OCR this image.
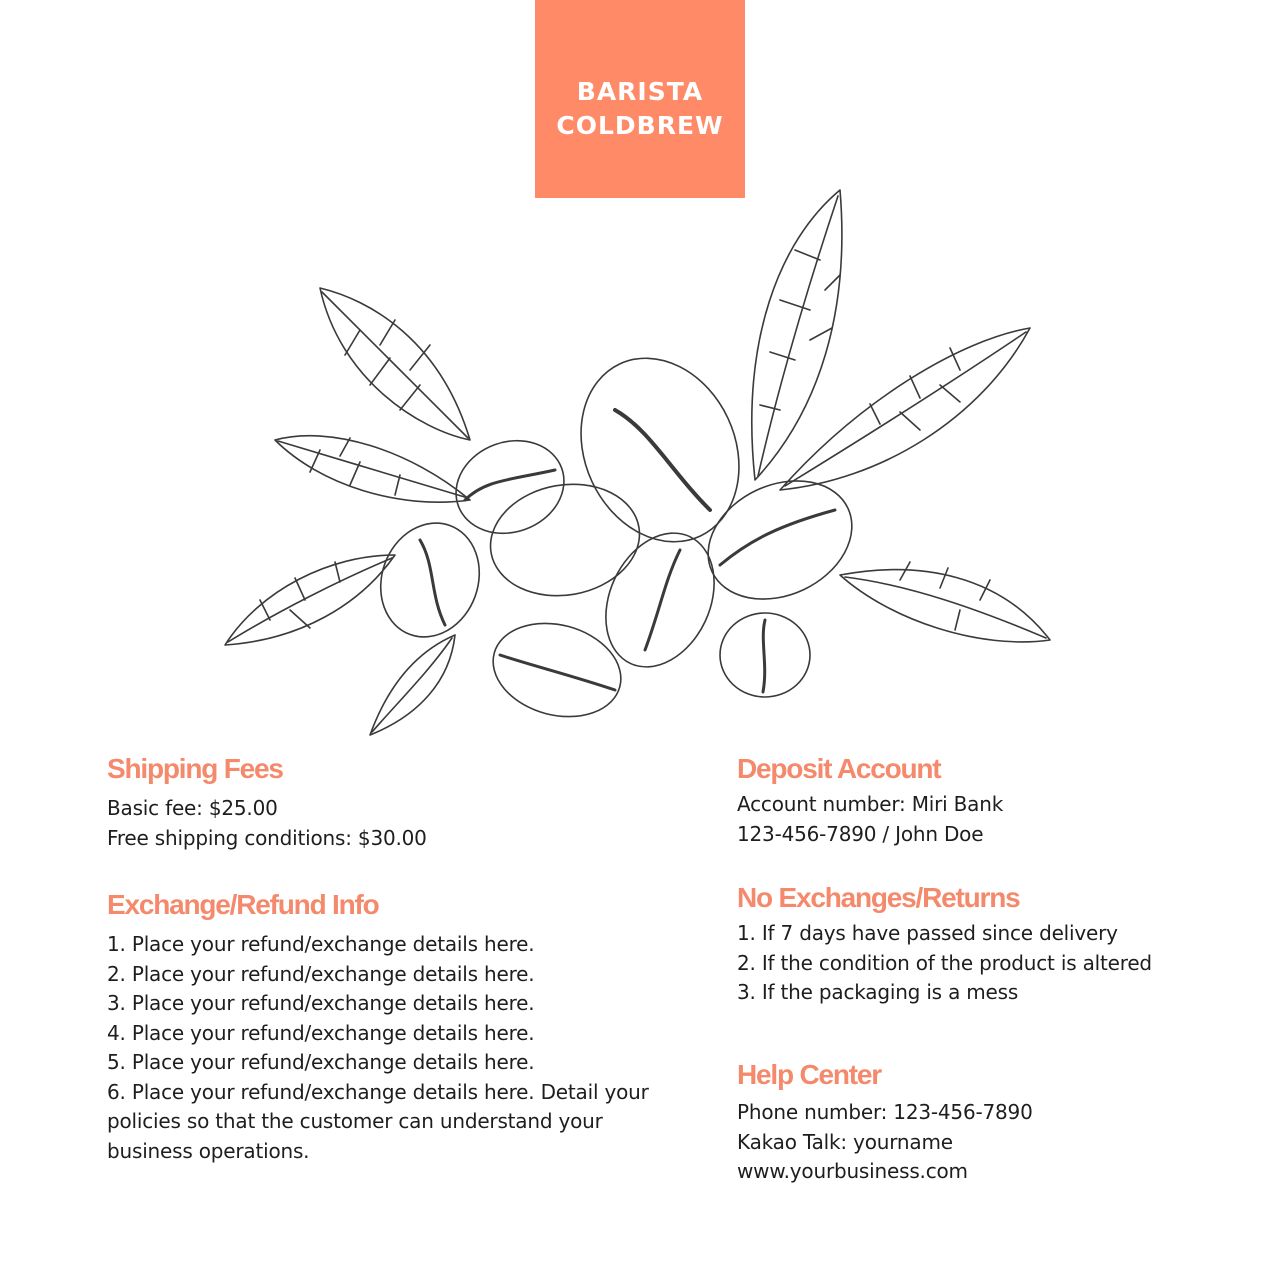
BARISTA
COLDBREW
Shipping Fees
Basic fee: $25.00
Free shipping conditions: $30.00
Exchange/Refund Info
1. Place your refund/exchange details here.
2. Place your refund/exchange details here.
3. Place your refund/exchange details here.
4. Place your refund/exchange details here.
5. Place your refund/exchange details here.
6. Place your refund/exchange details here. Detail your policies so that the customer can understand your business operations.
Deposit Account
Account number: Miri Bank
123-456-7890 / John Doe
No Exchanges/Returns
1. If 7 days have passed since delivery
2. If the condition of the product is altered
3. If the packaging is a mess
Help Center
Phone number: 123-456-7890
Kakao Talk: yourname
www.yourbusiness.com
